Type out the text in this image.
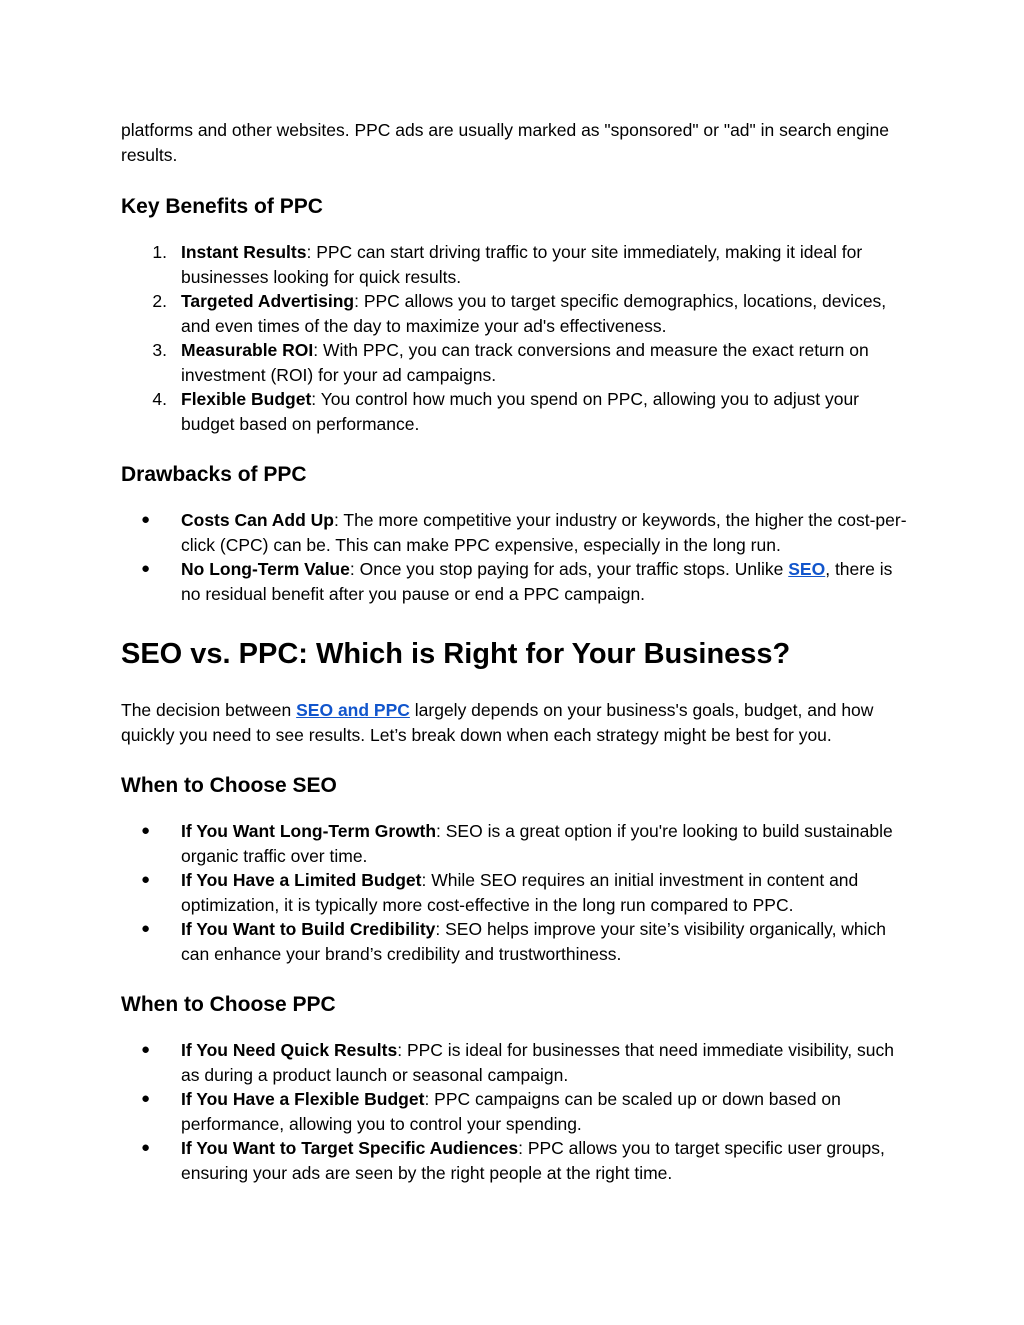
platforms and other websites. PPC ads are usually marked as "sponsored" or "ad" in search engine results.

Key Benefits of PPC
1. Instant Results: PPC can start driving traffic to your site immediately, making it ideal for businesses looking for quick results.
2. Targeted Advertising: PPC allows you to target specific demographics, locations, devices, and even times of the day to maximize your ad's effectiveness.
3. Measurable ROI: With PPC, you can track conversions and measure the exact return on investment (ROI) for your ad campaigns.
4. Flexible Budget: You control how much you spend on PPC, allowing you to adjust your budget based on performance.
Drawbacks of PPC
● Costs Can Add Up: The more competitive your industry or keywords, the higher the cost-per-click (CPC) can be. This can make PPC expensive, especially in the long run.
● No Long-Term Value: Once you stop paying for ads, your traffic stops. Unlike SEO, there is no residual benefit after you pause or end a PPC campaign.
SEO vs. PPC: Which is Right for Your Business?

The decision between SEO and PPC largely depends on your business's goals, budget, and how quickly you need to see results. Let’s break down when each strategy might be best for you.

When to Choose SEO
● If You Want Long-Term Growth: SEO is a great option if you're looking to build sustainable organic traffic over time.
● If You Have a Limited Budget: While SEO requires an initial investment in content and optimization, it is typically more cost-effective in the long run compared to PPC.
● If You Want to Build Credibility: SEO helps improve your site’s visibility organically, which can enhance your brand’s credibility and trustworthiness.
When to Choose PPC
● If You Need Quick Results: PPC is ideal for businesses that need immediate visibility, such as during a product launch or seasonal campaign.
● If You Have a Flexible Budget: PPC campaigns can be scaled up or down based on performance, allowing you to control your spending.
● If You Want to Target Specific Audiences: PPC allows you to target specific user groups, ensuring your ads are seen by the right people at the right time.
